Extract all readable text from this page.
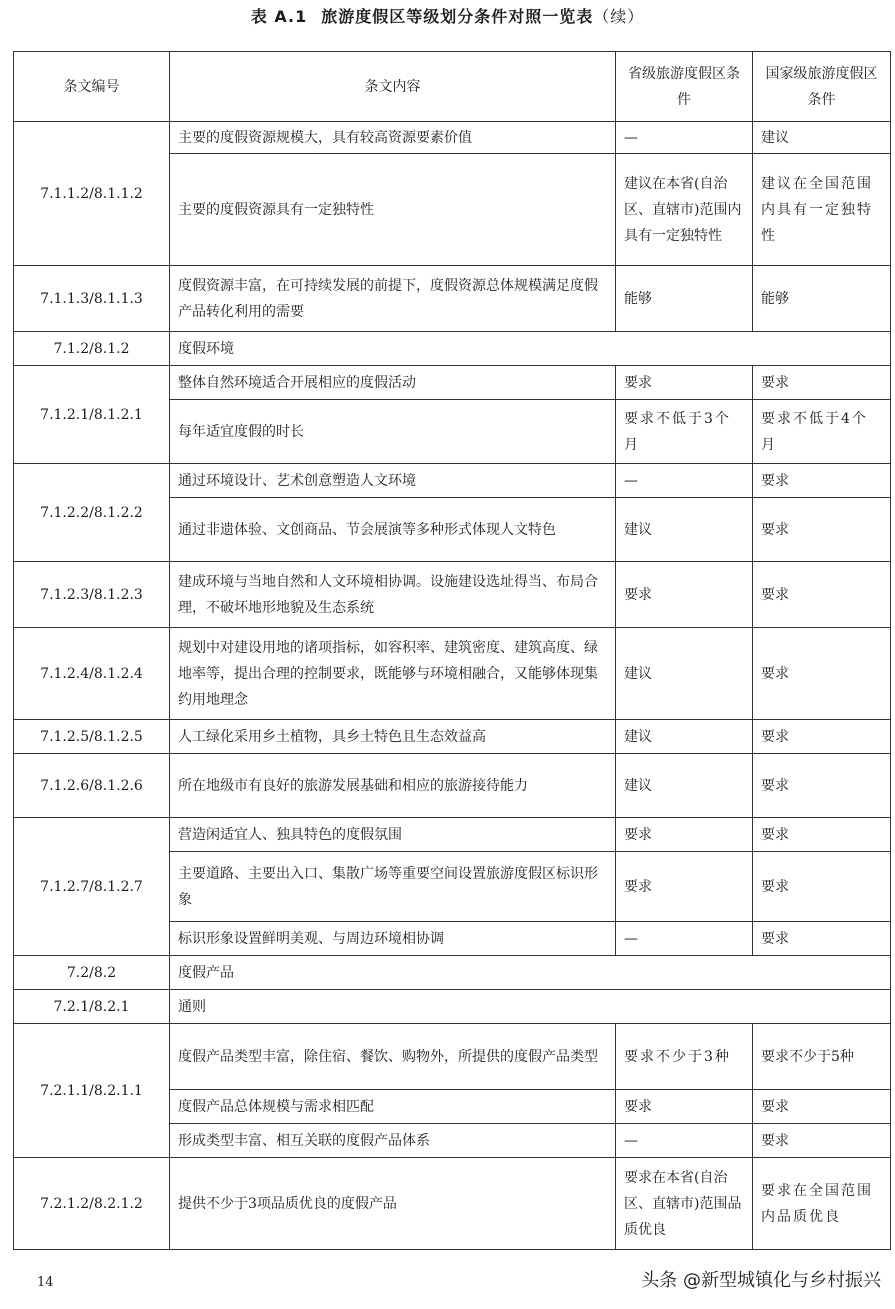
表 A.1 旅游度假区等级划分条件对照一览表（续）
条文编号	条文内容	省级旅游度假区条件	国家级旅游度假区条件
7.1.1.2/8.1.1.2	主要的度假资源规模大，具有较高资源要素价值	—	建议
	主要的度假资源具有一定独特性	建议在本省(自治区、直辖市)范围内具有一定独特性	建议在全国范围内具有一定独特性
7.1.1.3/8.1.1.3	度假资源丰富，在可持续发展的前提下，度假资源总体规模满足度假产品转化利用的需要	能够	能够
7.1.2/8.1.2	度假环境		
7.1.2.1/8.1.2.1	整体自然环境适合开展相应的度假活动	要求	要求
	每年适宜度假的时长	要求不低于3个月	要求不低于4个月
7.1.2.2/8.1.2.2	通过环境设计、艺术创意塑造人文环境	—	要求
	通过非遗体验、文创商品、节会展演等多种形式体现人文特色	建议	要求
7.1.2.3/8.1.2.3	建成环境与当地自然和人文环境相协调。设施建设选址得当、布局合理，不破坏地形地貌及生态系统	要求	要求
7.1.2.4/8.1.2.4	规划中对建设用地的诸项指标，如容积率、建筑密度、建筑高度、绿地率等，提出合理的控制要求，既能够与环境相融合，又能够体现集约用地理念	建议	要求
7.1.2.5/8.1.2.5	人工绿化采用乡土植物，具乡土特色且生态效益高	建议	要求
7.1.2.6/8.1.2.6	所在地级市有良好的旅游发展基础和相应的旅游接待能力	建议	要求
7.1.2.7/8.1.2.7	营造闲适宜人、独具特色的度假氛围	要求	要求
	主要道路、主要出入口、集散广场等重要空间设置旅游度假区标识形象	要求	要求
	标识形象设置鲜明美观、与周边环境相协调	—	要求
7.2/8.2	度假产品		
7.2.1/8.2.1	通则		
7.2.1.1/8.2.1.1	度假产品类型丰富，除住宿、餐饮、购物外，所提供的度假产品类型	要求不少于3种	要求不少于5种
	度假产品总体规模与需求相匹配	要求	要求
	形成类型丰富、相互关联的度假产品体系	—	要求
7.2.1.2/8.2.1.2	提供不少于3项品质优良的度假产品	要求在本省(自治区、直辖市)范围品质优良	要求在全国范围内品质优良
14	头条 @新型城镇化与乡村振兴
